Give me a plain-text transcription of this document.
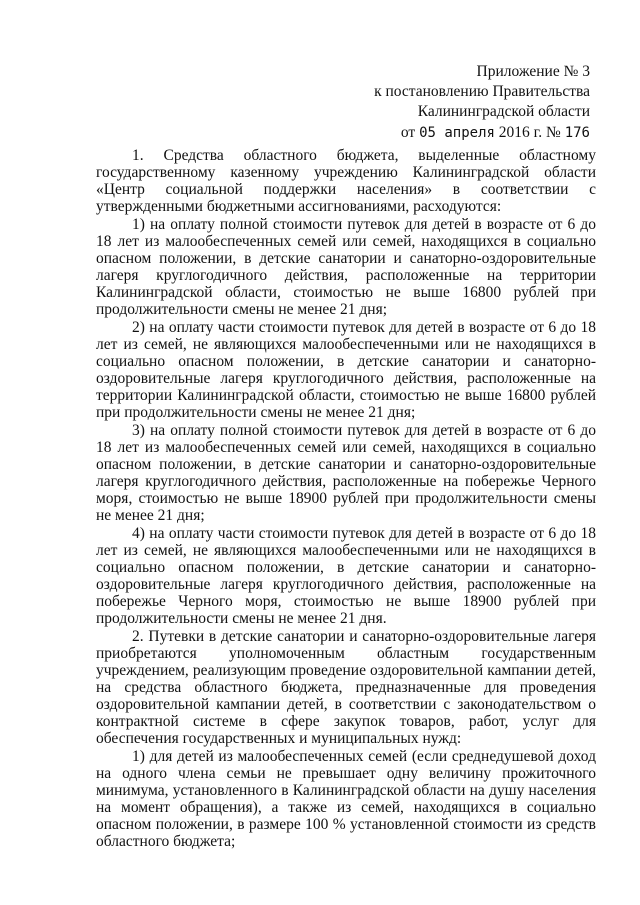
Приложение № 3
к постановлению Правительства
Калининградской области
от 05 апреля 2016 г. № 176

1. Средства областного бюджета, выделенные областному государственному казенному учреждению Калининградской области «Центр социальной поддержки населения» в соответствии с утвержденными бюджетными ассигнованиями, расходуются:

1) на оплату полной стоимости путевок для детей в возрасте от 6 до 18 лет из малообеспеченных семей или семей, находящихся в социально опасном положении, в детские санатории и санаторно-оздоровительные лагеря круглогодичного действия, расположенные на территории Калининградской области, стоимостью не выше 16800 рублей при продолжительности смены не менее 21 дня;

2) на оплату части стоимости путевок для детей в возрасте от 6 до 18 лет из семей, не являющихся малообеспеченными или не находящихся в социально опасном положении, в детские санатории и санаторно-оздоровительные лагеря круглогодичного действия, расположенные на территории Калининградской области, стоимостью не выше 16800 рублей при продолжительности смены не менее 21 дня;

3) на оплату полной стоимости путевок для детей в возрасте от 6 до 18 лет из малообеспеченных семей или семей, находящихся в социально опасном положении, в детские санатории и санаторно-оздоровительные лагеря круглогодичного действия, расположенные на побережье Черного моря, стоимостью не выше 18900 рублей при продолжительности смены не менее 21 дня;

4) на оплату части стоимости путевок для детей в возрасте от 6 до 18 лет из семей, не являющихся малообеспеченными или не находящихся в социально опасном положении, в детские санатории и санаторно-оздоровительные лагеря круглогодичного действия, расположенные на побережье Черного моря, стоимостью не выше 18900 рублей при продолжительности смены не менее 21 дня.

2. Путевки в детские санатории и санаторно-оздоровительные лагеря приобретаются уполномоченным областным государственным учреждением, реализующим проведение оздоровительной кампании детей, на средства областного бюджета, предназначенные для проведения оздоровительной кампании детей, в соответствии с законодательством о контрактной системе в сфере закупок товаров, работ, услуг для обеспечения государственных и муниципальных нужд:

1) для детей из малообеспеченных семей (если среднедушевой доход на одного члена семьи не превышает одну величину прожиточного минимума, установленного в Калининградской области на душу населения на момент обращения), а также из семей, находящихся в социально опасном положении, в размере 100 % установленной стоимости из средств областного бюджета;
